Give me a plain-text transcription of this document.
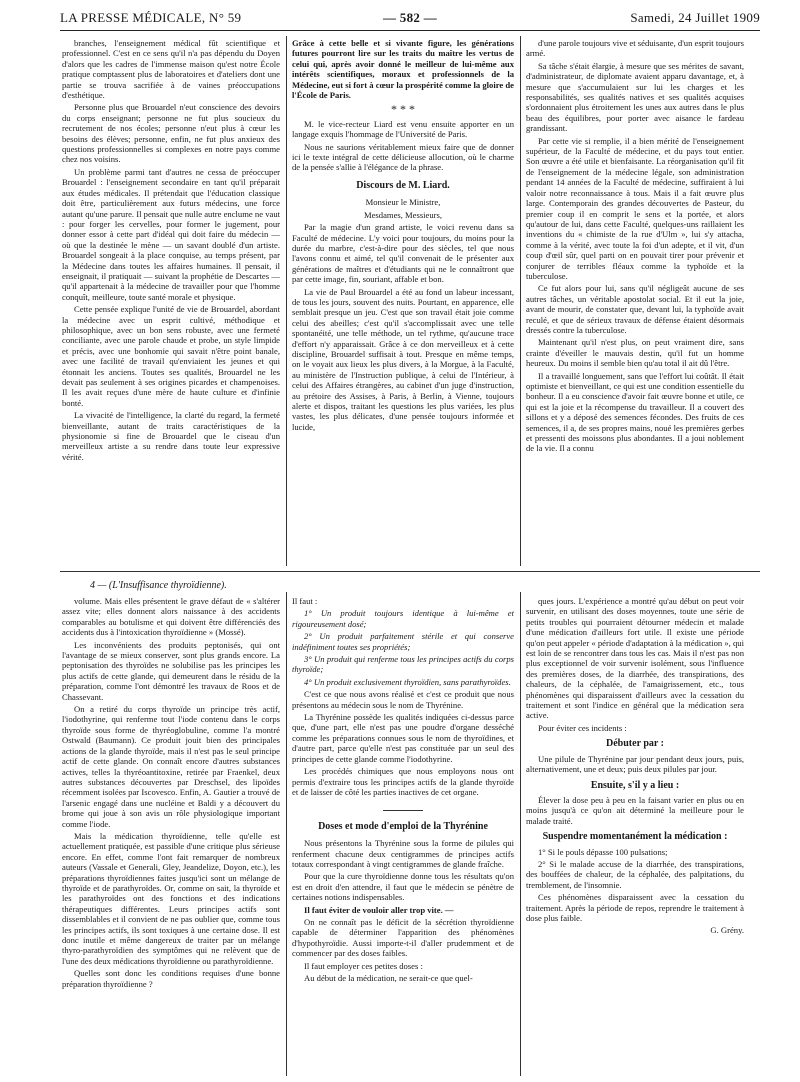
LA PRESSE MÉDICALE, N° 59	— 582 —	Samedi, 24 Juillet 1909

branches, l'enseignement médical fût scientifique et professionnel. C'est en ce sens qu'il n'a pas dépendu du Doyen d'alors que les cadres de l'immense maison qu'est notre École pratique comptassent plus de laboratoires et d'ateliers dont une partie se trouva sacrifiée à de vaines préoccupations d'esthétique.

Personne plus que Brouardel n'eut conscience des devoirs du corps enseignant; personne ne fut plus soucieux du recrutement de nos écoles; personne n'eut plus à cœur les besoins des élèves; personne, enfin, ne fut plus anxieux des questions professionnelles si complexes en notre pays comme chez nos voisins.

Un problème parmi tant d'autres ne cessa de préoccuper Brouardel : l'enseignement secondaire en tant qu'il préparait aux études médicales. Il prétendait que l'éducation classique doit être, particulièrement aux futurs médecins, une force autant qu'une parure. Il pensait que nulle autre enclume ne vaut : pour forger les cervelles, pour former le jugement, pour donner essor à cette part d'idéal qui doit faire du médecin — où que la destinée le mène — un savant doublé d'un artiste. Brouardel songeait à la place conquise, au temps présent, par la Médecine dans toutes les affaires humaines. Il pensait, il enseignait, il pratiquait — suivant la prophétie de Descartes — qu'il appartenait à la médecine de travailler pour que l'homme conquît, meilleure, toute santé morale et physique.

Cette pensée explique l'unité de vie de Brouardel, abordant la médecine avec un esprit cultivé, méthodique et philosophique, avec un bon sens robuste, avec une fermeté conciliante, avec une parole chaude et probe, un style limpide et précis, avec une bonhomie qui savait n'être point banale, avec une facilité de travail qu'enviaient les jeunes et qui étonnait les anciens. Toutes ses qualités, Brouardel ne les devait pas seulement à ses origines picardes et champenoises. Il les avait reçues d'une mère de haute culture et d'infinie bonté.

La vivacité de l'intelligence, la clarté du regard, la fermeté bienveillante, autant de traits caractéristiques de la physionomie si fine de Brouardel que le ciseau d'un merveilleux artiste a su rendre dans toute leur expressive vérité.

Grâce à cette belle et si vivante figure, les générations futures pourront lire sur les traits du maître les vertus de celui qui, après avoir donné le meilleur de lui-même aux intérêts scientifiques, moraux et professionnels de la Médecine, eut si fort à cœur la prospérité comme la gloire de l'École de Paris.

* * *

M. le vice-recteur Liard est venu ensuite apporter en un langage exquis l'hommage de l'Université de Paris.

Nous ne saurions véritablement mieux faire que de donner ici le texte intégral de cette délicieuse allocution, où le charme de la pensée s'allie à l'élégance de la phrase.

Discours de M. Liard.

Monsieur le Ministre,

Mesdames, Messieurs,

Par la magie d'un grand artiste, le voici revenu dans sa Faculté de médecine. L'y voici pour toujours, du moins pour la durée du marbre, c'est-à-dire pour des siècles, tel que nous l'avons connu et aimé, tel qu'il convenait de le présenter aux générations de maîtres et d'étudiants qui ne le connaîtront que par cette image, fin, souriant, affable et bon.

La vie de Paul Brouardel a été au fond un labeur incessant, de tous les jours, souvent des nuits. Pourtant, en apparence, elle semblait presque un jeu. C'est que son travail était joie comme celui des abeilles; c'est qu'il s'accomplissait avec une telle spontanéité, une telle méthode, un tel rythme, qu'aucune trace d'effort n'y apparaissait. Grâce à ce don merveilleux et à cette discipline, Brouardel suffisait à tout. Presque en même temps, on le voyait aux lieux les plus divers, à la Morgue, à la Faculté, au ministère de l'Instruction publique, à celui de l'Intérieur, à celui des Affaires étrangères, au cabinet d'un juge d'instruction, au prétoire des Assises, à Paris, à Berlin, à Vienne, toujours alerte et dispos, traitant les questions les plus variées, les plus vastes, les plus délicates, d'une pensée toujours informée et lucide,

d'une parole toujours vive et séduisante, d'un esprit toujours armé.

Sa tâche s'était élargie, à mesure que ses mérites de savant, d'administrateur, de diplomate avaient apparu davantage, et, à mesure que s'accumulaient sur lui les charges et les responsabilités, ses qualités natives et ses qualités acquises s'ordonnaient plus étroitement les unes aux autres dans le plus beau des équilibres, pour porter avec aisance le fardeau grandissant.

Par cette vie si remplie, il a bien mérité de l'enseignement supérieur, de la Faculté de médecine, et du pays tout entier. Son œuvre a été utile et bienfaisante. La réorganisation qu'il fit de l'enseignement de la médecine légale, son administration pendant 14 années de la Faculté de médecine, suffiraient à lui valoir notre reconnaissance à tous. Mais il a fait œuvre plus large. Contemporain des grandes découvertes de Pasteur, du premier coup il en comprit le sens et la portée, et alors qu'autour de lui, dans cette Faculté, quelques-uns raillaient les inventions du « chimiste de la rue d'Ulm », lui s'y attacha, comme à la vérité, avec toute la foi d'un adepte, et il vit, d'un coup d'œil sûr, quel parti on en pouvait tirer pour prévenir et conjurer de terribles fléaux comme la typhoïde et la tuberculose.

Ce fut alors pour lui, sans qu'il négligeât aucune de ses autres tâches, un véritable apostolat social. Et il eut la joie, avant de mourir, de constater que, devant lui, la typhoïde avait reculé, et que de sérieux travaux de défense étaient désormais dressés contre la tuberculose.

Maintenant qu'il n'est plus, on peut vraiment dire, sans crainte d'éveiller le mauvais destin, qu'il fut un homme heureux. Du moins il semble bien qu'au total il ait dû l'être.

Il a travaillé longuement, sans que l'effort lui coûtât. Il était optimiste et bienveillant, ce qui est une condition essentielle du bonheur. Il a eu conscience d'avoir fait œuvre bonne et utile, ce qui est la joie et la récompense du travailleur. Il a couvert des sillons et y a déposé des semences fécondes. Des fruits de ces semences, il a, de ses propres mains, noué les premières gerbes et pressenti des moissons plus abondantes. Il a joui noblement de la vie. Il a connu

4 — (L'Insuffisance thyroïdienne).

volume. Mais elles présentent le grave défaut de « s'altérer assez vite; elles donnent alors naissance à des accidents comparables au botulisme et qui doivent être différenciés des accidents dus à l'intoxication thyroïdienne » (Mossé).

Les inconvénients des produits peptonisés, qui ont l'avantage de se mieux conserver, sont plus grands encore. La peptonisation des thyroïdes ne solubilise pas les principes les plus actifs de cette glande, qui demeurent dans le résidu de la préparation, comme l'ont démontré les travaux de Roos et de Chassevant.

On a retiré du corps thyroïde un principe très actif, l'iodothyrine, qui renferme tout l'iode contenu dans le corps thyroïde sous forme de thyréoglobuline, comme l'a montré Ostwald (Baumann). Ce produit jouit bien des principales actions de la glande thyroïde, mais il n'est pas le seul principe actif de cette glande. On connaît encore d'autres substances actives, telles la thyréoantitoxine, retirée par Fraenkel, deux autres substances découvertes par Dreschsel, des lipoïdes récemment isolées par Iscovesco. Enfin, A. Gautier a trouvé de l'arsenic engagé dans une nucléine et Baldi y a découvert du brome qui joue à son avis un rôle physiologique important comme l'iode.

Mais la médication thyroïdienne, telle qu'elle est actuellement pratiquée, est passible d'une critique plus sérieuse encore. En effet, comme l'ont fait remarquer de nombreux auteurs (Vassale et Generali, Gley, Jeandelize, Doyon, etc.), les préparations thyroïdiennes faites jusqu'ici sont un mélange de thyroïde et de parathyroïdes. Or, comme on sait, la thyroïde et les parathyroïdes ont des fonctions et des indications thérapeutiques différentes. Leurs principes actifs sont dissemblables et il convient de ne pas oublier que, comme tous les principes actifs, ils sont toxiques à une certaine dose. Il est donc inutile et même dangereux de traiter par un mélange thyro-parathyroïdien des symptômes qui ne relèvent que de l'une des deux médications thyroïdienne ou parathyroïdienne.

Quelles sont donc les conditions requises d'une bonne préparation thyroïdienne ?

Il faut :

1° Un produit toujours identique à lui-même et rigoureusement dosé;

2° Un produit parfaitement stérile et qui conserve indéfiniment toutes ses propriétés;

3° Un produit qui renferme tous les principes actifs du corps thyroïde;

4° Un produit exclusivement thyroïdien, sans parathyroïdes.

C'est ce que nous avons réalisé et c'est ce produit que nous présentons au médecin sous le nom de Thyrénine.

La Thyrénine possède les qualités indiquées ci-dessus parce que, d'une part, elle n'est pas une poudre d'organe desséché comme les préparations connues sous le nom de thyroïdines, et d'autre part, parce qu'elle n'est pas constituée par un seul des principes de cette glande comme l'iodothyrine.

Les procédés chimiques que nous employons nous ont permis d'extraire tous les principes actifs de la glande thyroïde et de laisser de côté les parties inactives de cet organe.

Doses et mode d'emploi de la Thyrénine

Nous présentons la Thyrénine sous la forme de pilules qui renferment chacune deux centigrammes de principes actifs totaux correspondant à vingt centigrammes de glande fraîche.

Pour que la cure thyroïdienne donne tous les résultats qu'on est en droit d'en attendre, il faut que le médecin se pénètre de certaines notions indispensables.

Il faut éviter de vouloir aller trop vite. —

On ne connaît pas le déficit de la sécrétion thyroïdienne capable de déterminer l'apparition des phénomènes d'hypothyroïdie. Aussi importe-t-il d'aller prudemment et de commencer par des doses faibles.

Il faut employer ces petites doses :

Au début de la médication, ne serait-ce que quel-

ques jours. L'expérience a montré qu'au début on peut voir survenir, en utilisant des doses moyennes, toute une série de petits troubles qui pourraient détourner médecin et malade d'une médication d'ailleurs fort utile. Il existe une période qu'on peut appeler « période d'adaptation à la médication », qui est loin de se rencontrer dans tous les cas. Mais il n'est pas non plus exceptionnel de voir survenir isolément, sous l'influence des premières doses, de la diarrhée, des transpirations, des chaleurs, de la céphalée, de l'amaigrissement, etc., tous phénomènes qui disparaissent d'ailleurs avec la cessation du traitement et sont l'indice en général que la médication sera active.

Pour éviter ces incidents :

Débuter par :

Une pilule de Thyrénine par jour pendant deux jours, puis, alternativement, une et deux; puis deux pilules par jour.

Ensuite, s'il y a lieu :

Élever la dose peu à peu en la faisant varier en plus ou en moins jusqu'à ce qu'on ait déterminé la meilleure pour le malade traité.

Suspendre momentanément la médication :

1° Si le pouls dépasse 100 pulsations;

2° Si le malade accuse de la diarrhée, des transpirations, des bouffées de chaleur, de la céphalée, des palpitations, du tremblement, de l'insomnie.

Ces phénomènes disparaissent avec la cessation du traitement. Après la période de repos, reprendre le traitement à dose plus faible.

G. Grény.
